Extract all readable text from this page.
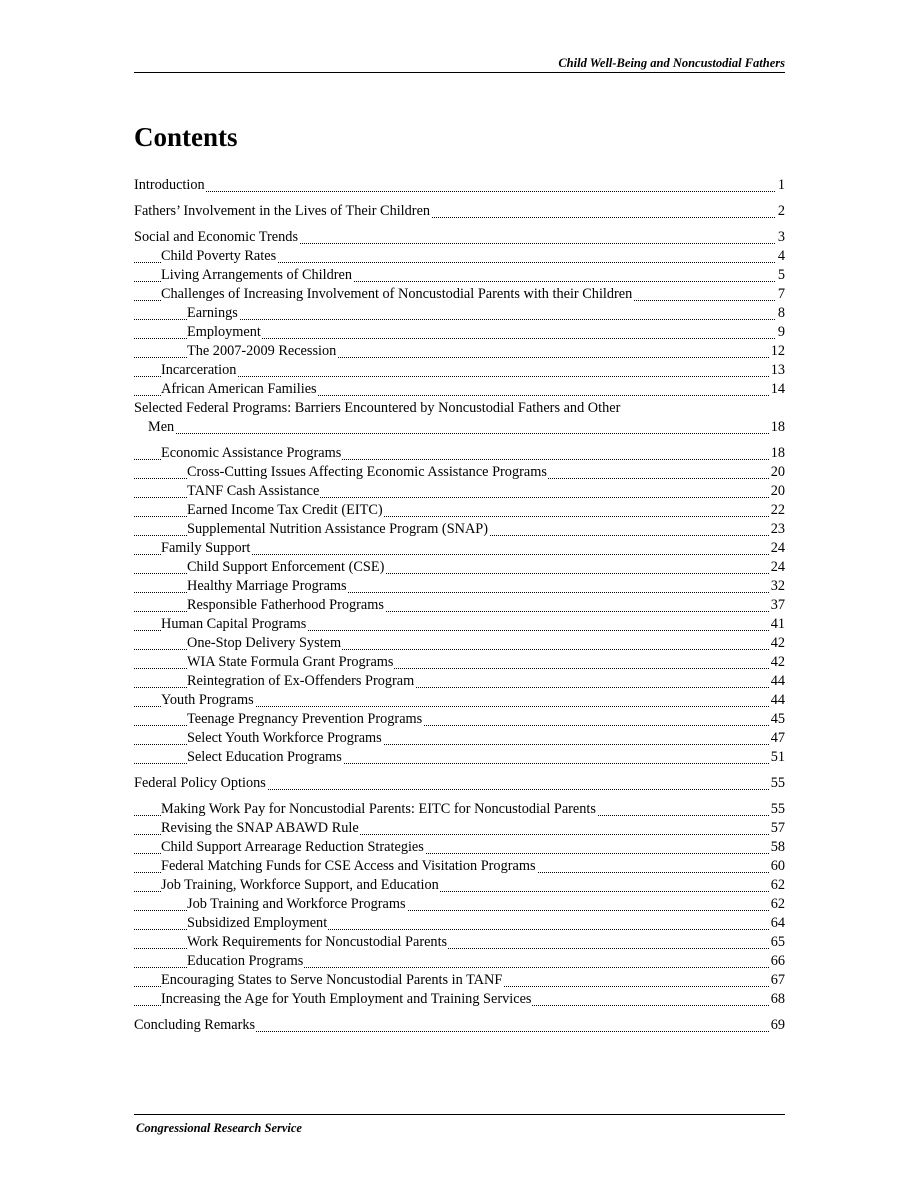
Child Well-Being and Noncustodial Fathers
Contents
Introduction	1
Fathers’ Involvement in the Lives of Their Children	2
Social and Economic Trends	3
Child Poverty Rates	4
Living Arrangements of Children	5
Challenges of Increasing Involvement of Noncustodial Parents with their Children	7
Earnings	8
Employment	9
The 2007-2009 Recession	12
Incarceration	13
African American Families	14
Selected Federal Programs: Barriers Encountered by Noncustodial Fathers and Other
Men	18
Economic Assistance Programs	18
Cross-Cutting Issues Affecting Economic Assistance Programs	20
TANF Cash Assistance	20
Earned Income Tax Credit (EITC)	22
Supplemental Nutrition Assistance Program (SNAP)	23
Family Support	24
Child Support Enforcement (CSE)	24
Healthy Marriage Programs	32
Responsible Fatherhood Programs	37
Human Capital Programs	41
One-Stop Delivery System	42
WIA State Formula Grant Programs	42
Reintegration of Ex-Offenders Program	44
Youth Programs	44
Teenage Pregnancy Prevention Programs	45
Select Youth Workforce Programs	47
Select Education Programs	51
Federal Policy Options	55
Making Work Pay for Noncustodial Parents: EITC for Noncustodial Parents	55
Revising the SNAP ABAWD Rule	57
Child Support Arrearage Reduction Strategies	58
Federal Matching Funds for CSE Access and Visitation Programs	60
Job Training, Workforce Support, and Education	62
Job Training and Workforce Programs	62
Subsidized Employment	64
Work Requirements for Noncustodial Parents	65
Education Programs	66
Encouraging States to Serve Noncustodial Parents in TANF	67
Increasing the Age for Youth Employment and Training Services	68
Concluding Remarks	69
Congressional Research Service
